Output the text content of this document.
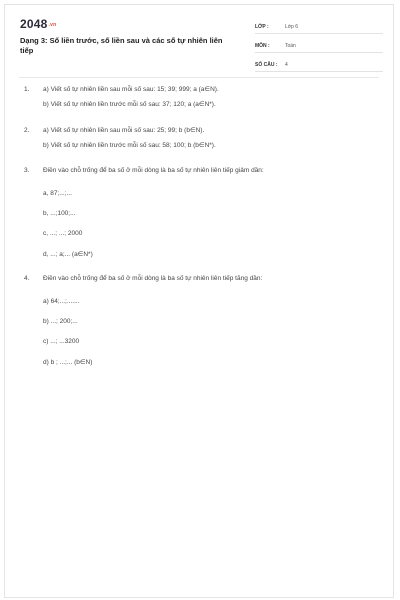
2048.vn
Dạng 3: Số liền trước, số liền sau và các số tự nhiên liên tiếp
LỚP :	Lớp 6
MÔN :	Toán
SỐ CÂU :	4
1. a) Viết số tự nhiên liền sau mỗi số sau: 15; 39; 999; a (a∈N).
b) Viết số tự nhiên liền trước mỗi số sau: 37; 120; a (a∈N*).
2. a) Viết số tự nhiên liền sau mỗi số sau: 25; 99; b (b∈N).
b) Viết số tự nhiên liền trước mỗi số sau: 58; 100; b (b∈N*).
3. Điền vào chỗ trống để ba số ở mỗi dòng là ba số tự nhiên liên tiếp giảm dần:
a, 87;...;...
b, ...;100;...
c, ...; ...; 2000
d, ...; a;... (a∈N*)
4. Điền vào chỗ trống để ba số ở mỗi dòng là ba số tự nhiên liên tiếp tăng dần:
a) 64;...;.......
b) ...; 200;...
c) ...; ...3200
d) b ; ...;... (b∈N)
